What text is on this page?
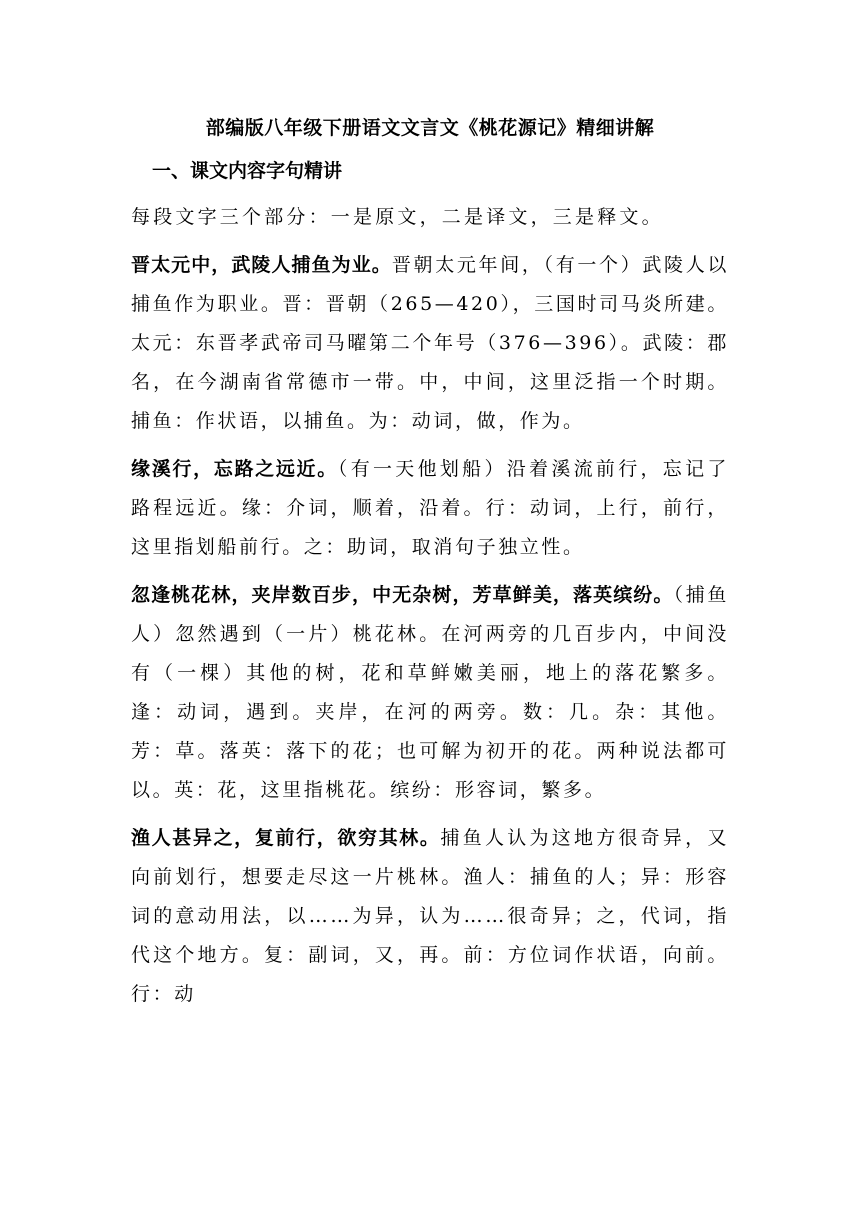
部编版八年级下册语文文言文《桃花源记》精细讲解
一、课文内容字句精讲

每段文字三个部分：一是原文，二是译文，三是释文。

晋太元中，武陵人捕鱼为业。晋朝太元年间，（有一个）武陵人以捕鱼作为职业。晋：晋朝（265—420），三国时司马炎所建。太元：东晋孝武帝司马曜第二个年号（376—396）。武陵：郡名，在今湖南省常德市一带。中，中间，这里泛指一个时期。捕鱼：作状语，以捕鱼。为：动词，做，作为。

缘溪行，忘路之远近。（有一天他划船）沿着溪流前行，忘记了路程远近。缘：介词，顺着，沿着。行：动词，上行，前行，这里指划船前行。之：助词，取消句子独立性。

忽逢桃花林，夹岸数百步，中无杂树，芳草鲜美，落英缤纷。（捕鱼人）忽然遇到（一片）桃花林。在河两旁的几百步内，中间没有（一棵）其他的树，花和草鲜嫩美丽，地上的落花繁多。逢：动词，遇到。夹岸，在河的两旁。数：几。杂：其他。芳：草。落英：落下的花；也可解为初开的花。两种说法都可以。英：花，这里指桃花。缤纷：形容词，繁多。

渔人甚异之，复前行，欲穷其林。捕鱼人认为这地方很奇异，又向前划行，想要走尽这一片桃林。渔人：捕鱼的人；异：形容词的意动用法，以……为异，认为……很奇异；之，代词，指代这个地方。复：副词，又，再。前：方位词作状语，向前。行：动
